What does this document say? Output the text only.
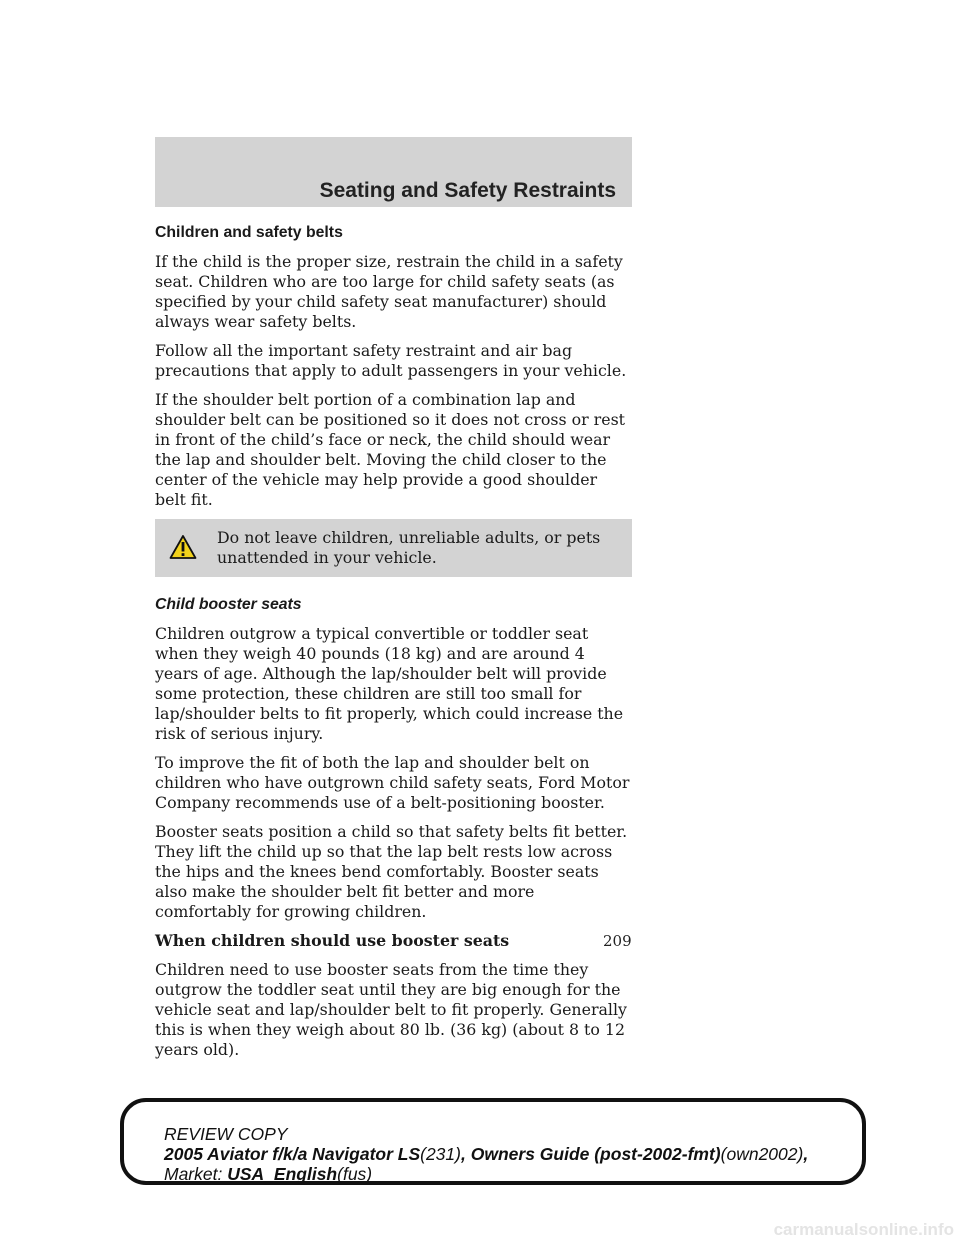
Seating and Safety Restraints

Children and safety belts

If the child is the proper size, restrain the child in a safety seat. Children who are too large for child safety seats (as specified by your child safety seat manufacturer) should always wear safety belts.

Follow all the important safety restraint and air bag precautions that apply to adult passengers in your vehicle.

If the shoulder belt portion of a combination lap and shoulder belt can be positioned so it does not cross or rest in front of the child’s face or neck, the child should wear the lap and shoulder belt. Moving the child closer to the center of the vehicle may help provide a good shoulder belt fit.

Do not leave children, unreliable adults, or pets unattended in your vehicle.

Child booster seats

Children outgrow a typical convertible or toddler seat when they weigh 40 pounds (18 kg) and are around 4 years of age. Although the lap/shoulder belt will provide some protection, these children are still too small for lap/shoulder belts to fit properly, which could increase the risk of serious injury.

To improve the fit of both the lap and shoulder belt on children who have outgrown child safety seats, Ford Motor Company recommends use of a belt-positioning booster.

Booster seats position a child so that safety belts fit better. They lift the child up so that the lap belt rests low across the hips and the knees bend comfortably. Booster seats also make the shoulder belt fit better and more comfortably for growing children.

When children should use booster seats

Children need to use booster seats from the time they outgrow the toddler seat until they are big enough for the vehicle seat and lap/shoulder belt to fit properly. Generally this is when they weigh about 80 lb. (36 kg) (about 8 to 12 years old).

209
REVIEW COPY
2005 Aviator f/k/a Navigator LS(231), Owners Guide (post-2002-fmt)(own2002),
Market: USA_English(fus)
carmanualsonline.info
